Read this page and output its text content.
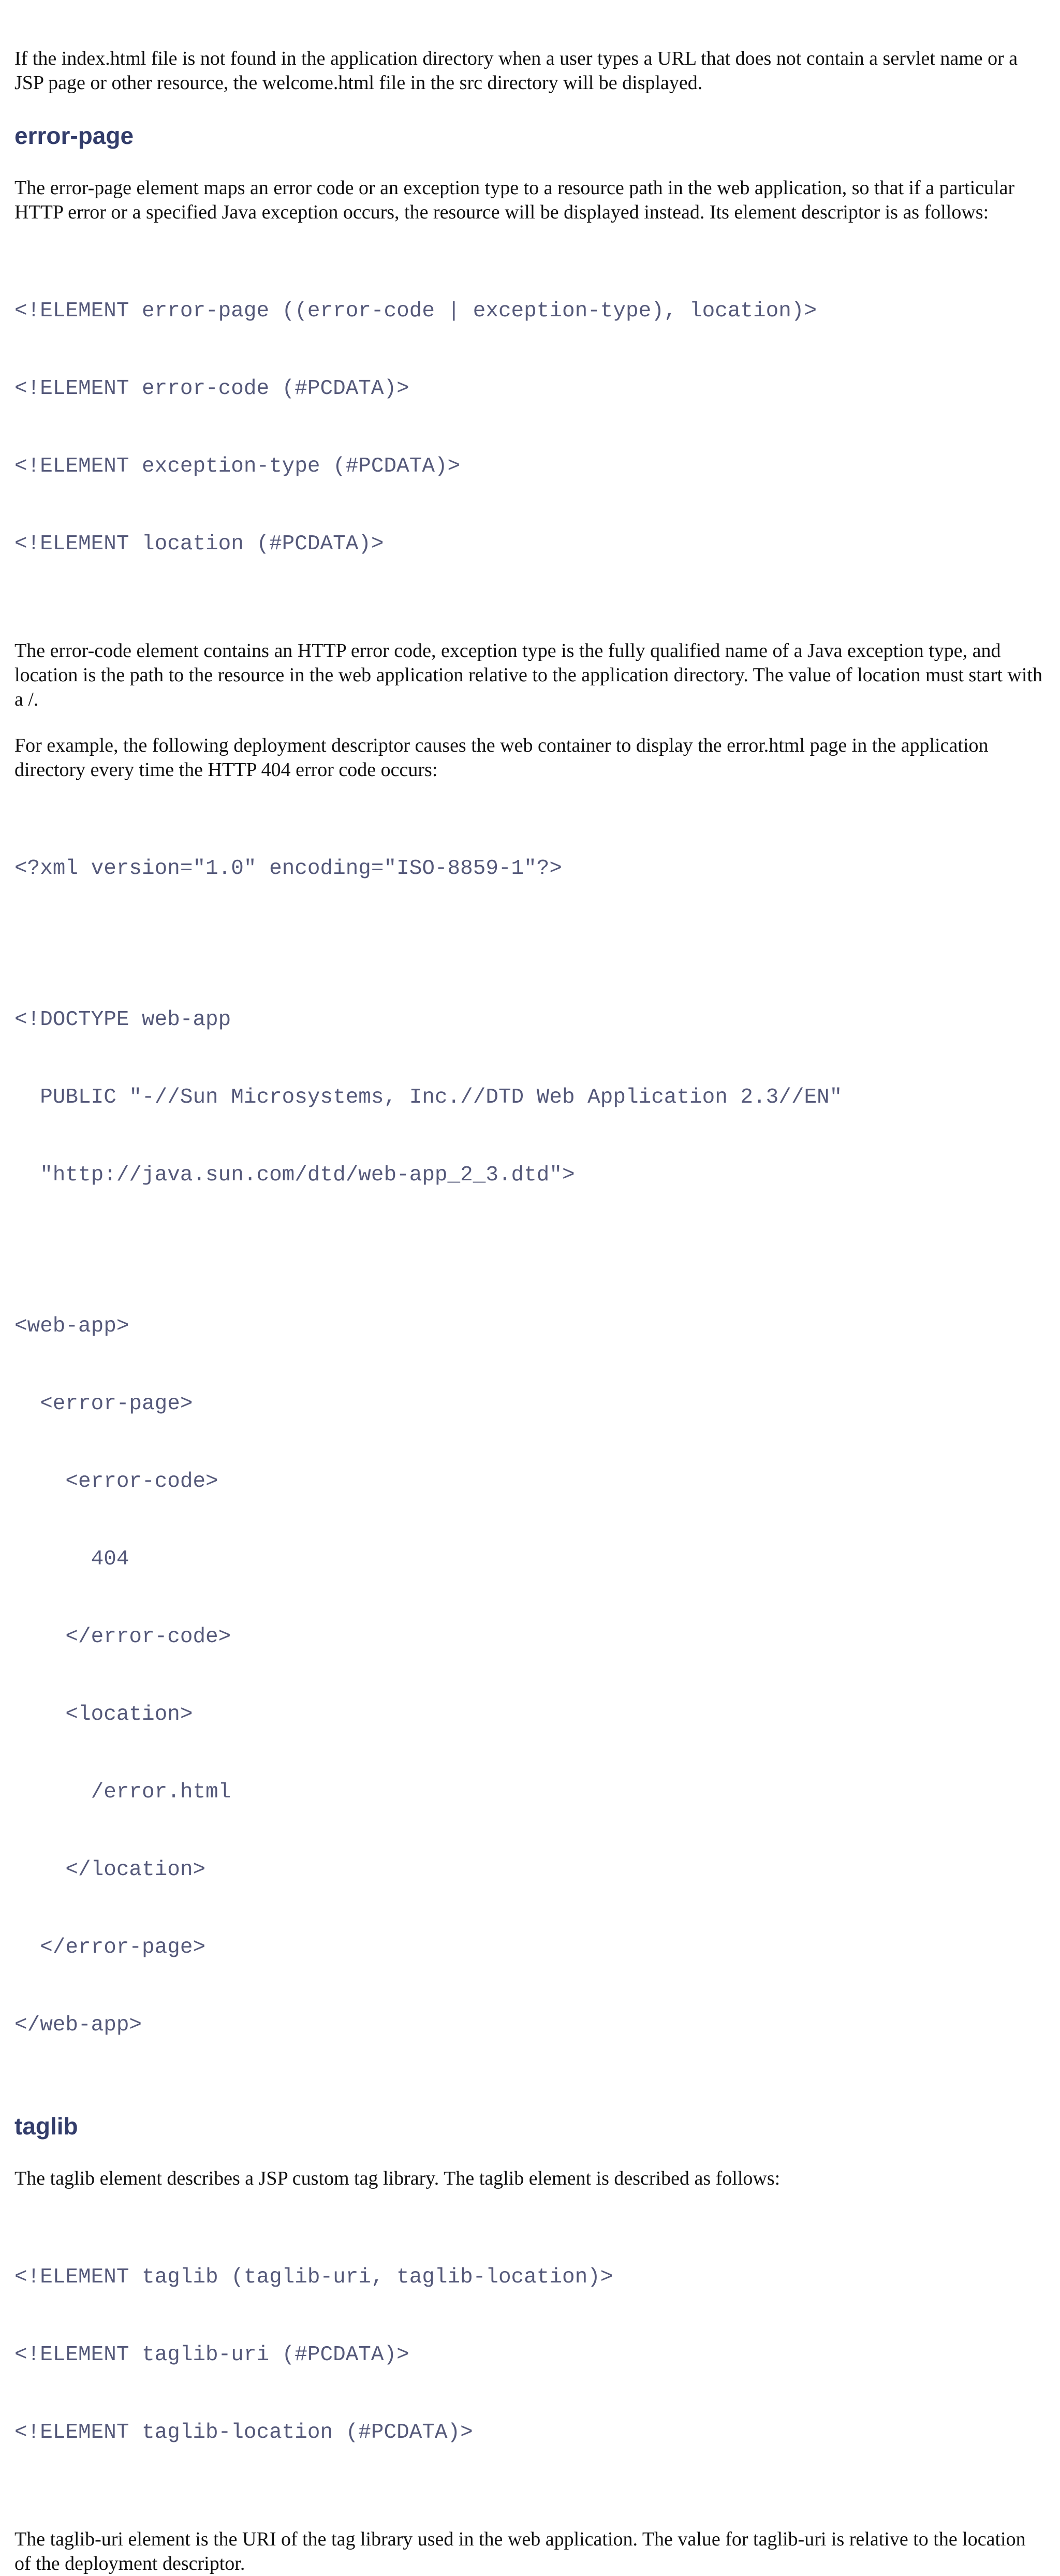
If the index.html file is not found in the application directory when a user types a URL that does not contain a servlet name or a JSP page or other resource, the welcome.html file in the src directory will be displayed.

error-page

The error-page element maps an error code or an exception type to a resource path in the web application, so that if a particular HTTP error or a specified Java exception occurs, the resource will be displayed instead. Its element descriptor is as follows:

<!ELEMENT error-page ((error-code | exception-type), location)>

<!ELEMENT error-code (#PCDATA)>

<!ELEMENT exception-type (#PCDATA)>

<!ELEMENT location (#PCDATA)>

The error-code element contains an HTTP error code, exception type is the fully qualified name of a Java exception type, and location is the path to the resource in the web application relative to the application directory. The value of location must start with a /.

For example, the following deployment descriptor causes the web container to display the error.html page in the application directory every time the HTTP 404 error code occurs:

<?xml version="1.0" encoding="ISO-8859-1"?>

<!DOCTYPE web-app

PUBLIC "-//Sun Microsystems, Inc.//DTD Web Application 2.3//EN"

"http://java.sun.com/dtd/web-app_2_3.dtd">

<web-app>

<error-page>

<error-code>

404

</error-code>

<location>

/error.html

</location>

</error-page>

</web-app>

taglib

The taglib element describes a JSP custom tag library. The taglib element is described as follows:

<!ELEMENT taglib (taglib-uri, taglib-location)>

<!ELEMENT taglib-uri (#PCDATA)>

<!ELEMENT taglib-location (#PCDATA)>

The taglib-uri element is the URI of the tag library used in the web application. The value for taglib-uri is relative to the location of the deployment descriptor.
